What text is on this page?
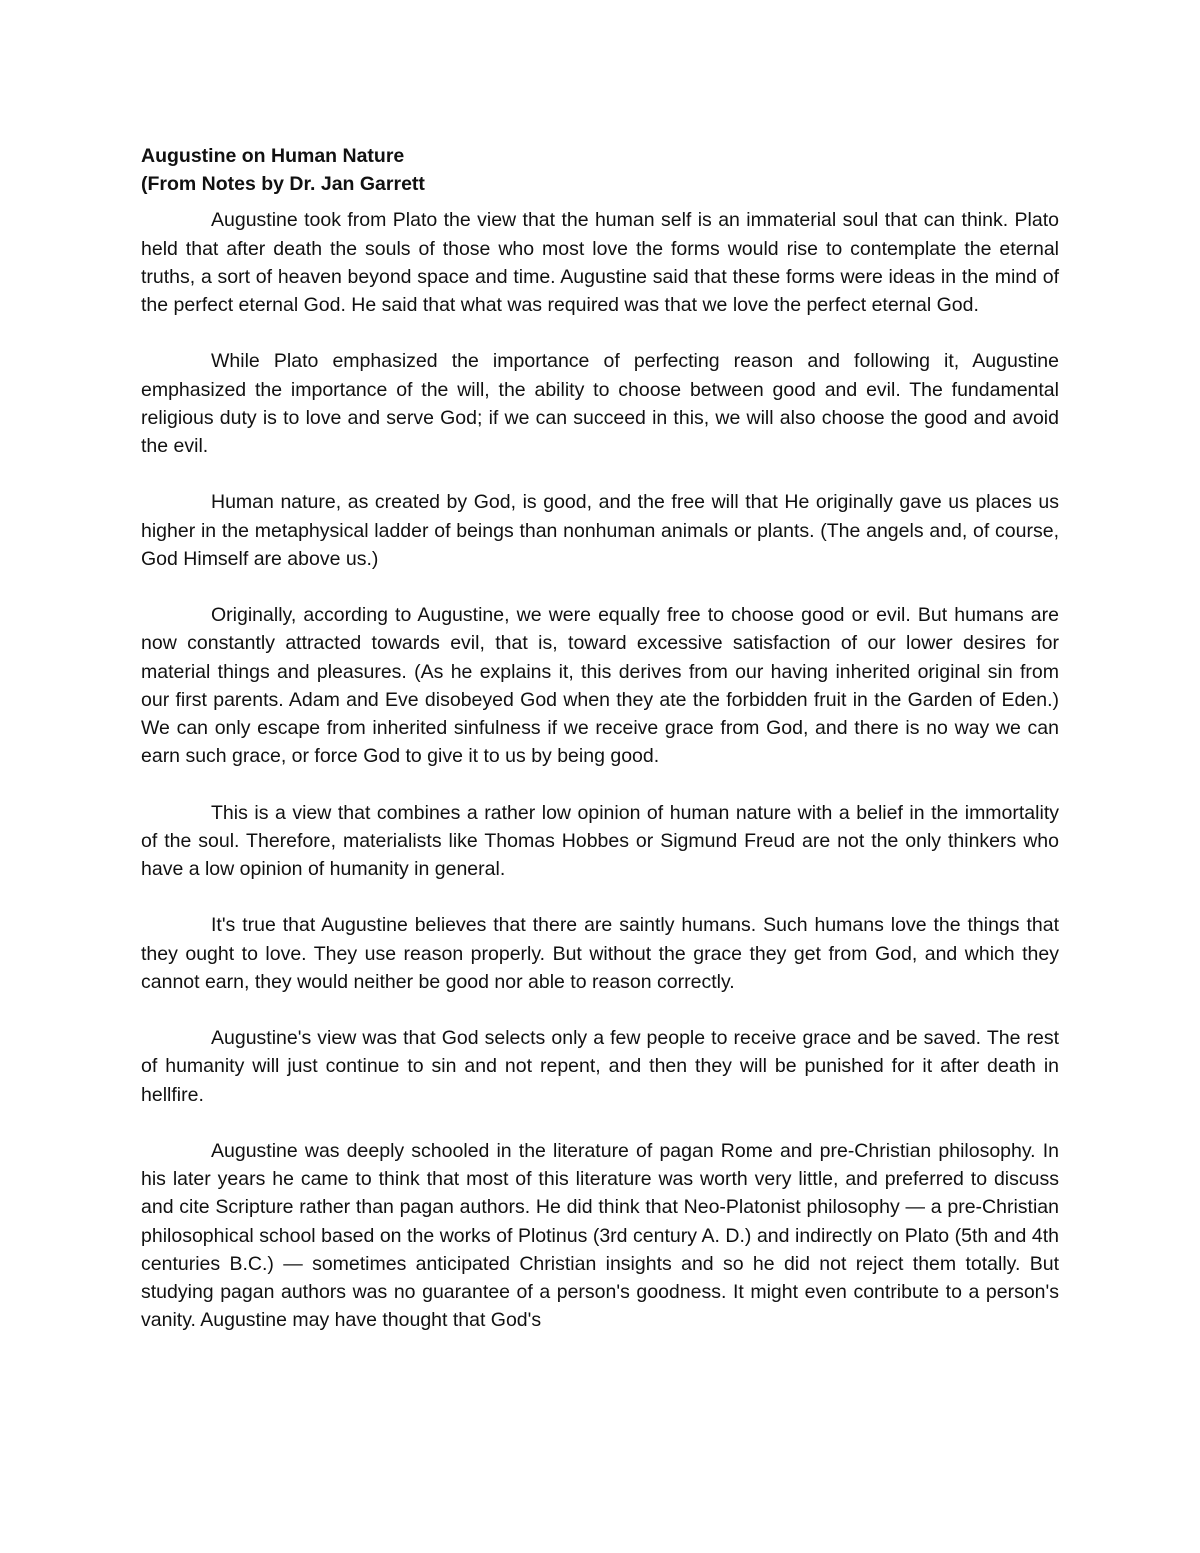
Augustine on Human Nature

(From Notes by Dr. Jan Garrett

Augustine took from Plato the view that the human self is an immaterial soul that can think. Plato held that after death the souls of those who most love the forms would rise to contemplate the eternal truths, a sort of heaven beyond space and time. Augustine said that these forms were ideas in the mind of the perfect eternal God. He said that what was required was that we love the perfect eternal God.

While Plato emphasized the importance of perfecting reason and following it, Augustine emphasized the importance of the will, the ability to choose between good and evil. The fundamental religious duty is to love and serve God; if we can succeed in this, we will also choose the good and avoid the evil.

Human nature, as created by God, is good, and the free will that He originally gave us places us higher in the metaphysical ladder of beings than nonhuman animals or plants. (The angels and, of course, God Himself are above us.)

Originally, according to Augustine, we were equally free to choose good or evil. But humans are now constantly attracted towards evil, that is, toward excessive satisfaction of our lower desires for material things and pleasures. (As he explains it, this derives from our having inherited original sin from our first parents. Adam and Eve disobeyed God when they ate the forbidden fruit in the Garden of Eden.) We can only escape from inherited sinfulness if we receive grace from God, and there is no way we can earn such grace, or force God to give it to us by being good.

This is a view that combines a rather low opinion of human nature with a belief in the immortality of the soul. Therefore, materialists like Thomas Hobbes or Sigmund Freud are not the only thinkers who have a low opinion of humanity in general.

It's true that Augustine believes that there are saintly humans. Such humans love the things that they ought to love. They use reason properly. But without the grace they get from God, and which they cannot earn, they would neither be good nor able to reason correctly.

Augustine's view was that God selects only a few people to receive grace and be saved. The rest of humanity will just continue to sin and not repent, and then they will be punished for it after death in hellfire.

Augustine was deeply schooled in the literature of pagan Rome and pre-Christian philosophy. In his later years he came to think that most of this literature was worth very little, and preferred to discuss and cite Scripture rather than pagan authors. He did think that Neo-Platonist philosophy — a pre-Christian philosophical school based on the works of Plotinus (3rd century A. D.) and indirectly on Plato (5th and 4th centuries B.C.) — sometimes anticipated Christian insights and so he did not reject them totally. But studying pagan authors was no guarantee of a person's goodness. It might even contribute to a person's vanity. Augustine may have thought that God's
